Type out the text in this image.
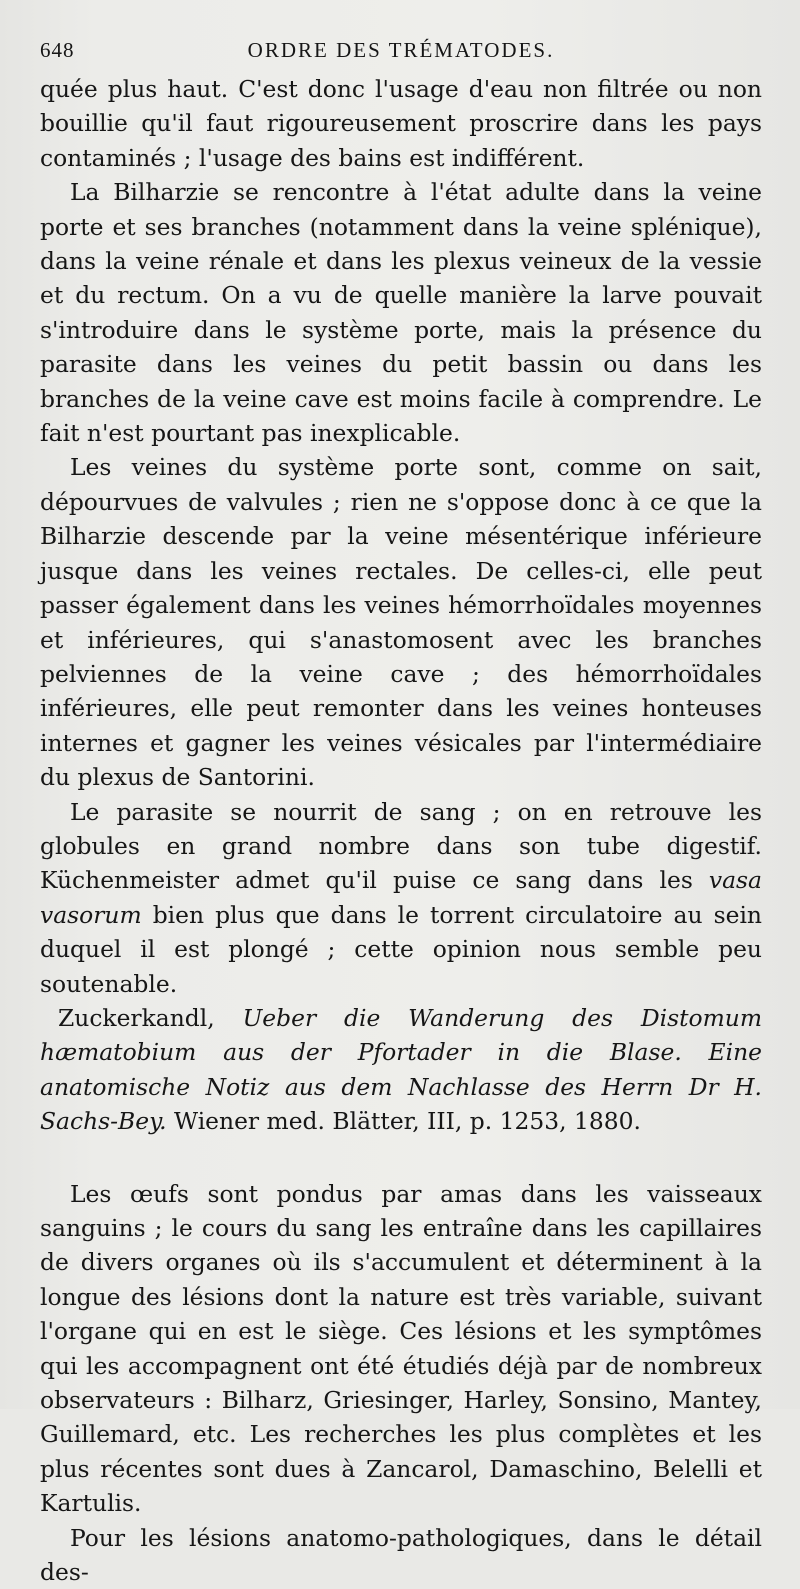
648	ORDRE DES TRÉMATODES.

quée plus haut. C'est donc l'usage d'eau non filtrée ou non bouillie qu'il faut rigoureusement proscrire dans les pays contaminés ; l'usage des bains est indifférent.

La Bilharzie se rencontre à l'état adulte dans la veine porte et ses branches (notamment dans la veine splénique), dans la veine rénale et dans les plexus veineux de la vessie et du rectum. On a vu de quelle manière la larve pouvait s'introduire dans le système porte, mais la présence du parasite dans les veines du petit bassin ou dans les branches de la veine cave est moins facile à comprendre. Le fait n'est pourtant pas inexplicable.

Les veines du système porte sont, comme on sait, dépourvues de valvules ; rien ne s'oppose donc à ce que la Bilharzie descende par la veine mésentérique inférieure jusque dans les veines rectales. De celles-ci, elle peut passer également dans les veines hémorrhoïdales moyennes et inférieures, qui s'anastomosent avec les branches pelviennes de la veine cave ; des hémorrhoïdales inférieures, elle peut remonter dans les veines honteuses internes et gagner les veines vésicales par l'intermédiaire du plexus de Santorini.

Le parasite se nourrit de sang ; on en retrouve les globules en grand nombre dans son tube digestif. Küchenmeister admet qu'il puise ce sang dans les vasa vasorum bien plus que dans le torrent circulatoire au sein duquel il est plongé ; cette opinion nous semble peu soutenable.

Zuckerkandl, Ueber die Wanderung des Distomum hæmatobium aus der Pfortader in die Blase. Eine anatomische Notiz aus dem Nachlasse des Herrn Dr H. Sachs-Bey. Wiener med. Blätter, III, p. 1253, 1880.

Les œufs sont pondus par amas dans les vaisseaux sanguins ; le cours du sang les entraîne dans les capillaires de divers organes où ils s'accumulent et déterminent à la longue des lésions dont la nature est très variable, suivant l'organe qui en est le siège. Ces lésions et les symptômes qui les accompagnent ont été étudiés déjà par de nombreux observateurs : Bilharz, Griesinger, Harley, Sonsino, Mantey, Guillemard, etc. Les recherches les plus complètes et les plus récentes sont dues à Zancarol, Damaschino, Belelli et Kartulis.

Pour les lésions anatomo-pathologiques, dans le détail des-
